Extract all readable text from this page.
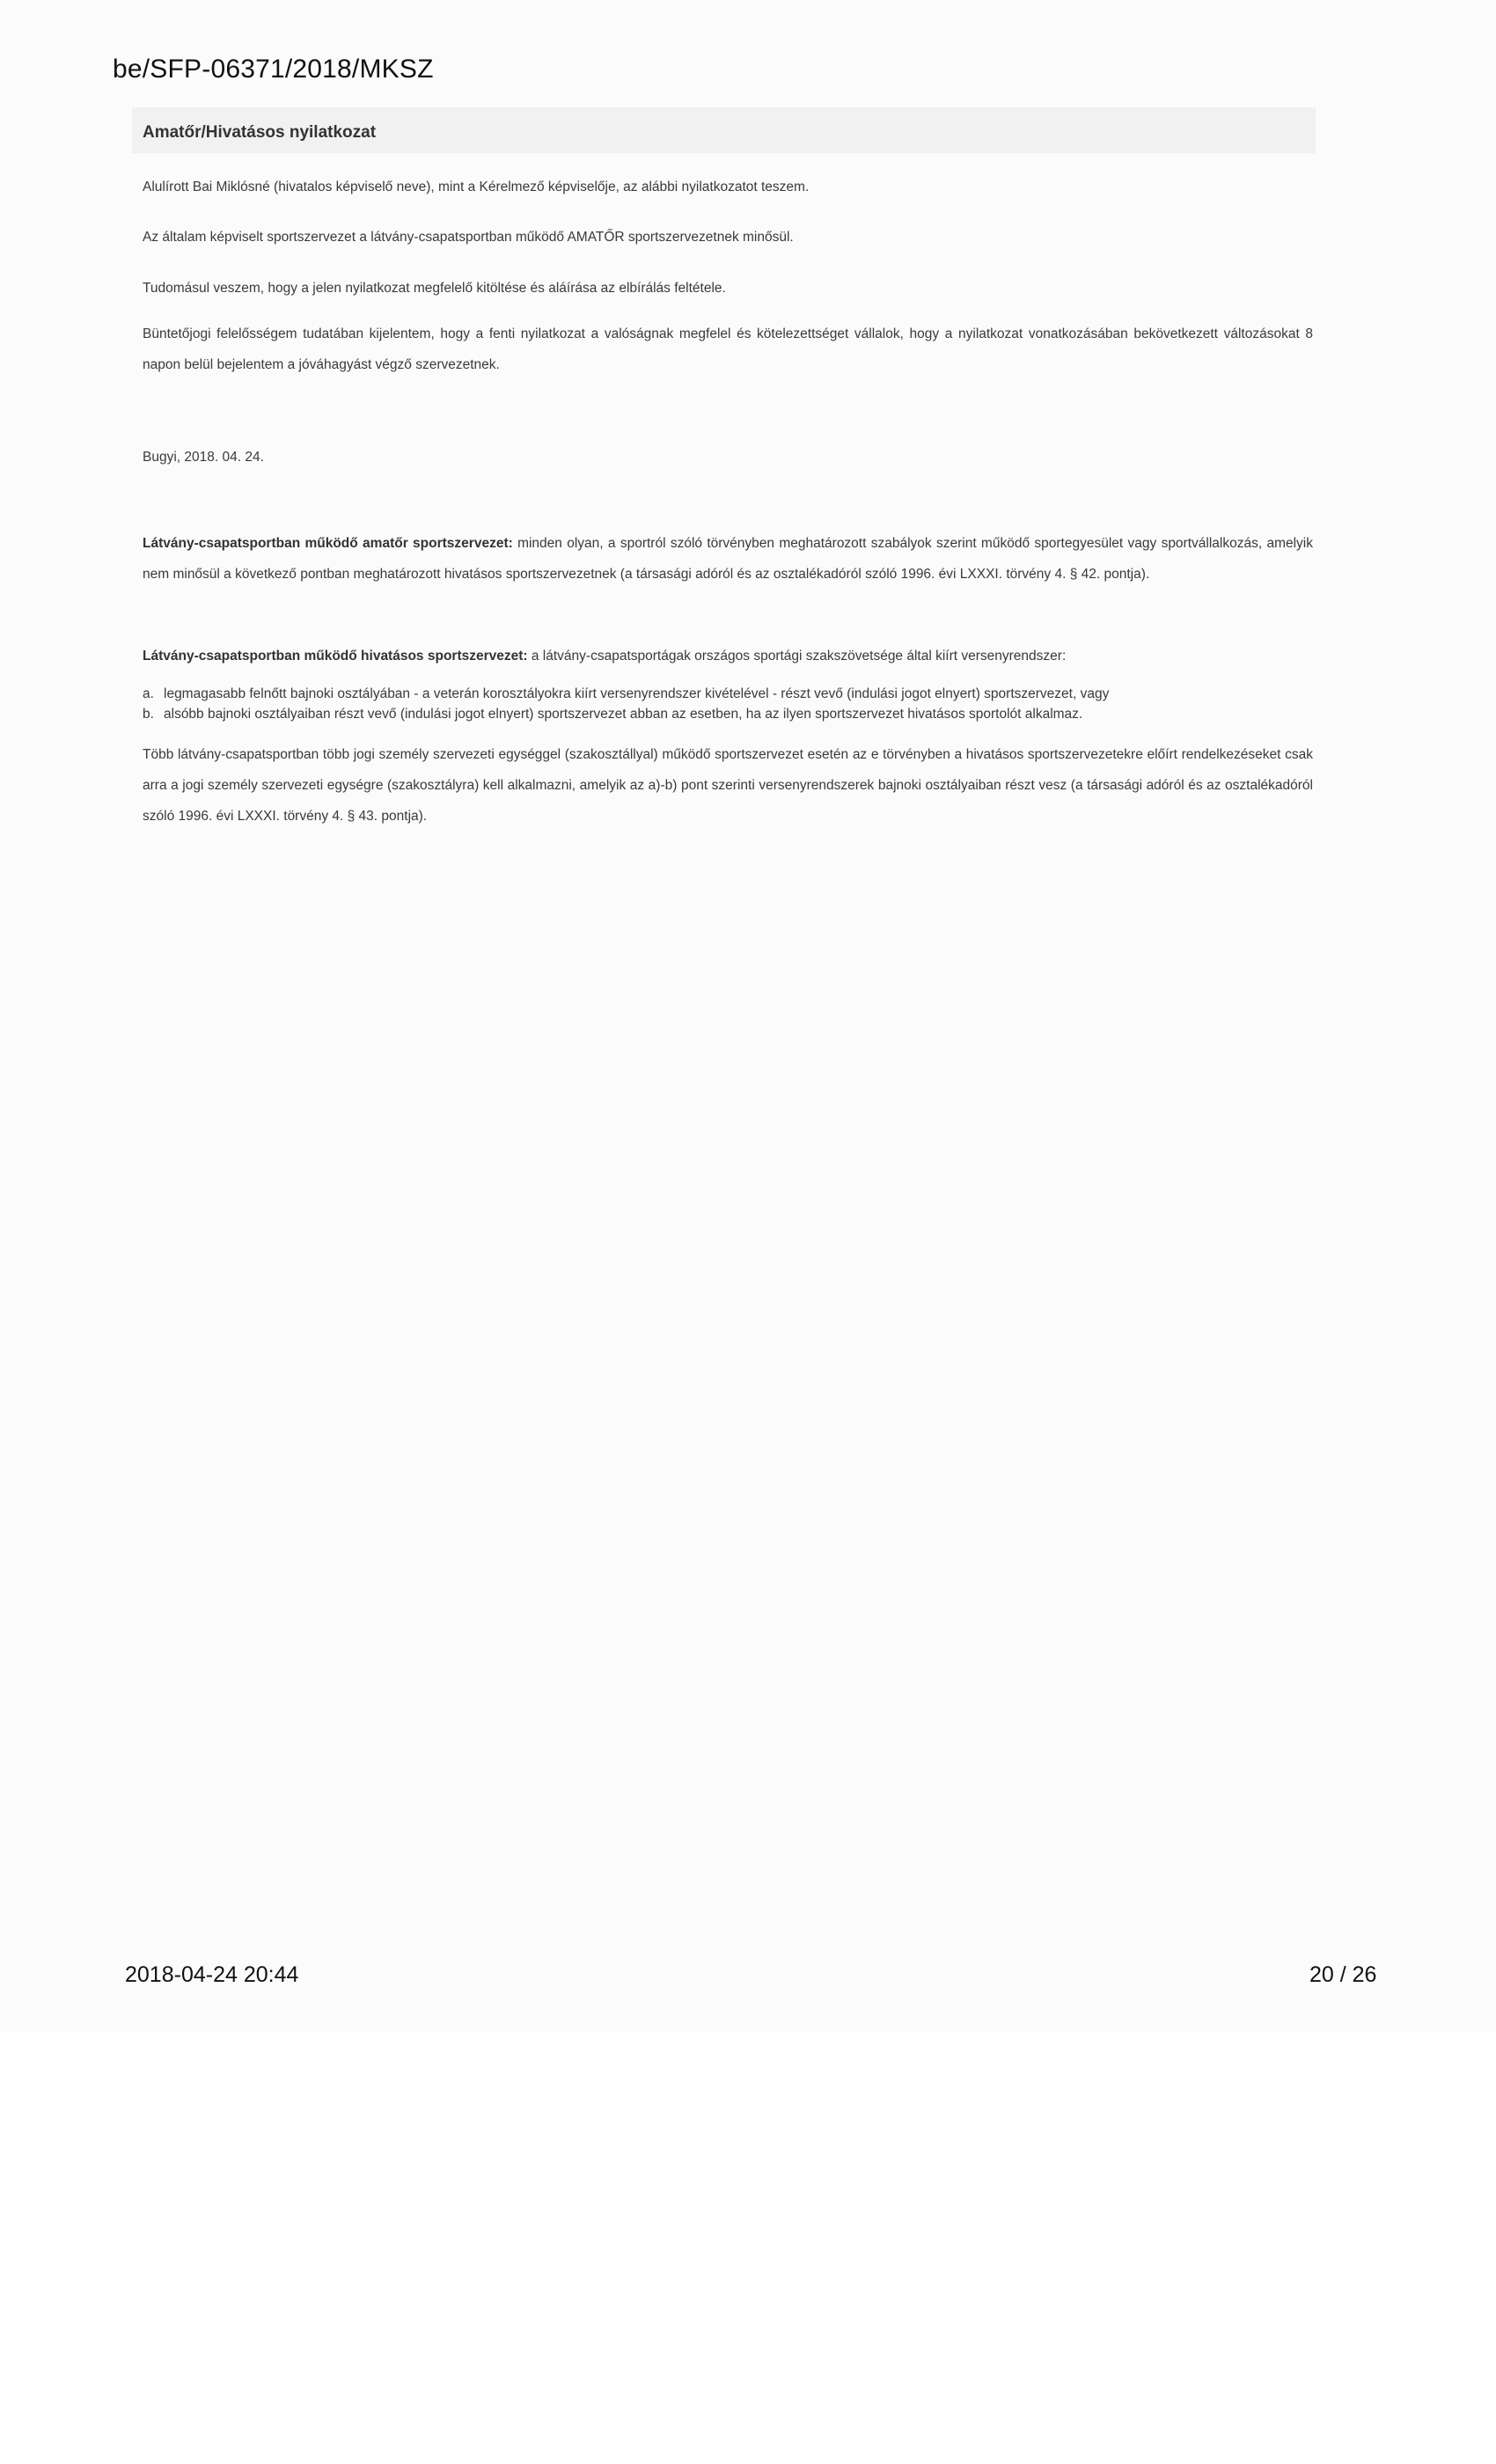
be/SFP-06371/2018/MKSZ
Amatőr/Hivatásos nyilatkozat
Alulírott Bai Miklósné (hivatalos képviselő neve), mint a Kérelmező képviselője, az alábbi nyilatkozatot teszem.
Az általam képviselt sportszervezet a látvány-csapatsportban működő AMATŐR sportszervezetnek minősül.
Tudomásul veszem, hogy a jelen nyilatkozat megfelelő kitöltése és aláírása az elbírálás feltétele.
Büntetőjogi felelősségem tudatában kijelentem, hogy a fenti nyilatkozat a valóságnak megfelel és kötelezettséget vállalok, hogy a nyilatkozat vonatkozásában bekövetkezett változásokat 8 napon belül bejelentem a jóváhagyást végző szervezetnek.
Bugyi, 2018. 04. 24.
Látvány-csapatsportban működő amatőr sportszervezet: minden olyan, a sportról szóló törvényben meghatározott szabályok szerint működő sportegyesület vagy sportvállalkozás, amelyik nem minősül a következő pontban meghatározott hivatásos sportszervezetnek (a társasági adóról és az osztalékadóról szóló 1996. évi LXXXI. törvény 4. § 42. pontja).
Látvány-csapatsportban működő hivatásos sportszervezet: a látvány-csapatsportágak országos sportági szakszövetsége által kiírt versenyrendszer:
a. legmagasabb felnőtt bajnoki osztályában - a veterán korosztályokra kiírt versenyrendszer kivételével - részt vevő (indulási jogot elnyert) sportszervezet, vagy
b. alsóbb bajnoki osztályaiban részt vevő (indulási jogot elnyert) sportszervezet abban az esetben, ha az ilyen sportszervezet hivatásos sportolót alkalmaz.
Több látvány-csapatsportban több jogi személy szervezeti egységgel (szakosztállyal) működő sportszervezet esetén az e törvényben a hivatásos sportszervezetekre előírt rendelkezéseket csak arra a jogi személy szervezeti egységre (szakosztályra) kell alkalmazni, amelyik az a)-b) pont szerinti versenyrendszerek bajnoki osztályaiban részt vesz (a társasági adóról és az osztalékadóról szóló 1996. évi LXXXI. törvény 4. § 43. pontja).
2018-04-24 20:44	20 / 26
